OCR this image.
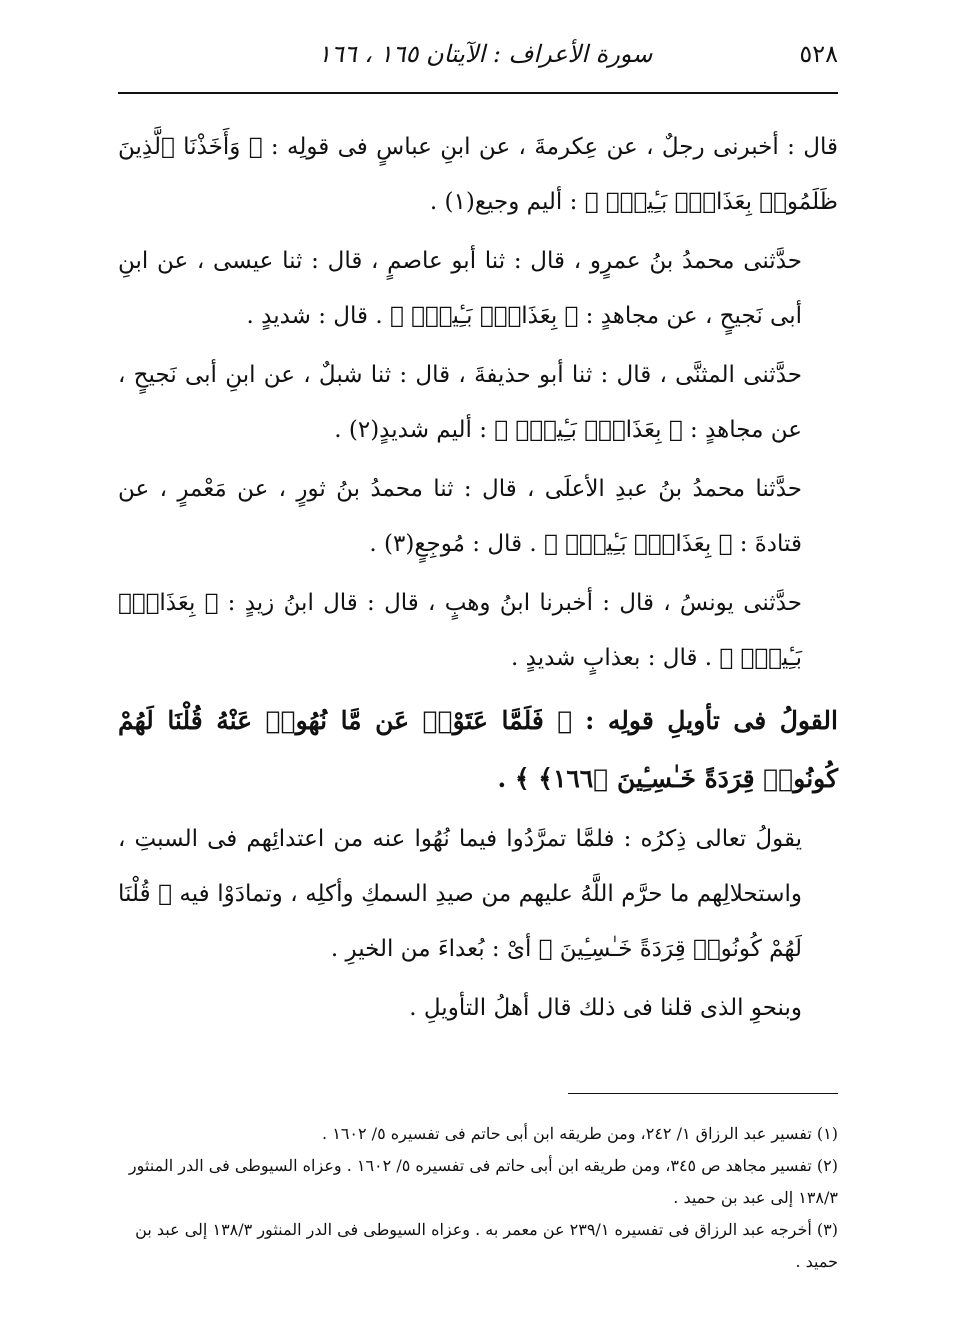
٥٢٨
سورة الأعراف : الآيتان ١٦٥ ، ١٦٦

قال : أخبرنى رجلٌ ، عن عِكرمةَ ، عن ابنِ عباسٍ فى قولِه : ﴿ وَأَخَذْنَا ٱلَّذِينَ ظَلَمُوا۟ بِعَذَابٍۭ بَـِٔيسٍۭ ﴾ : أليم وجيع(١) .

حدَّثنى محمدُ بنُ عمرٍو ، قال : ثنا أبو عاصمٍ ، قال : ثنا عيسى ، عن ابنِ أبى نَجيحٍ ، عن مجاهدٍ : ﴿ بِعَذَابٍۭ بَـِٔيسٍۭ ﴾ . قال : شديدٍ .

حدَّثنى المثنَّى ، قال : ثنا أبو حذيفةَ ، قال : ثنا شبلٌ ، عن ابنِ أبى نَجيحٍ ، عن مجاهدٍ : ﴿ بِعَذَابٍۭ بَـِٔيسٍۭ ﴾ : أليم شديدٍ(٢) .

حدَّثنا محمدُ بنُ عبدِ الأعلَى ، قال : ثنا محمدُ بنُ ثورٍ ، عن مَعْمرٍ ، عن قتادةَ : ﴿ بِعَذَابٍۭ بَـِٔيسٍۭ ﴾ . قال : مُوجِعٍ(٣) .

حدَّثنى يونسُ ، قال : أخبرنا ابنُ وهبٍ ، قال : قال ابنُ زيدٍ : ﴿ بِعَذَابٍۭ بَـِٔيسٍۭ ﴾ . قال : بعذابٍ شديدٍ .

القولُ فى تأويلِ قولِه : ﴿ فَلَمَّا عَتَوْا۟ عَن مَّا نُهُوا۟ عَنْهُ قُلْنَا لَهُمْ كُونُوا۟ قِرَدَةً خَـٰسِـِٔينَ ﴿١٦٦﴾ ﴾ .

يقولُ تعالى ذِكرُه : فلمَّا تمرَّدُوا فيما نُهُوا عنه من اعتدائِهم فى السبتِ ، واستحلالِهم ما حرَّم اللَّهُ عليهم من صيدِ السمكِ وأكلِه ، وتمادَوْا فيه ﴿ قُلْنَا لَهُمْ كُونُوا۟ قِرَدَةً خَـٰسِـِٔينَ ﴾ أىْ : بُعداءَ من الخيرِ .

وبنحوِ الذى قلنا فى ذلك قال أهلُ التأويلِ .

(١) تفسير عبد الرزاق ١/ ٢٤٢، ومن طريقه ابن أبى حاتم فى تفسيره ٥/ ١٦٠٢ .

(٢) تفسير مجاهد ص ٣٤٥، ومن طريقه ابن أبى حاتم فى تفسيره ٥/ ١٦٠٢ . وعزاه السيوطى فى الدر المنثور ١٣٨/٣ إلى عبد بن حميد .

(٣) أخرجه عبد الرزاق فى تفسيره ٢٣٩/١ عن معمر به . وعزاه السيوطى فى الدر المنثور ١٣٨/٣ إلى عبد بن حميد .
